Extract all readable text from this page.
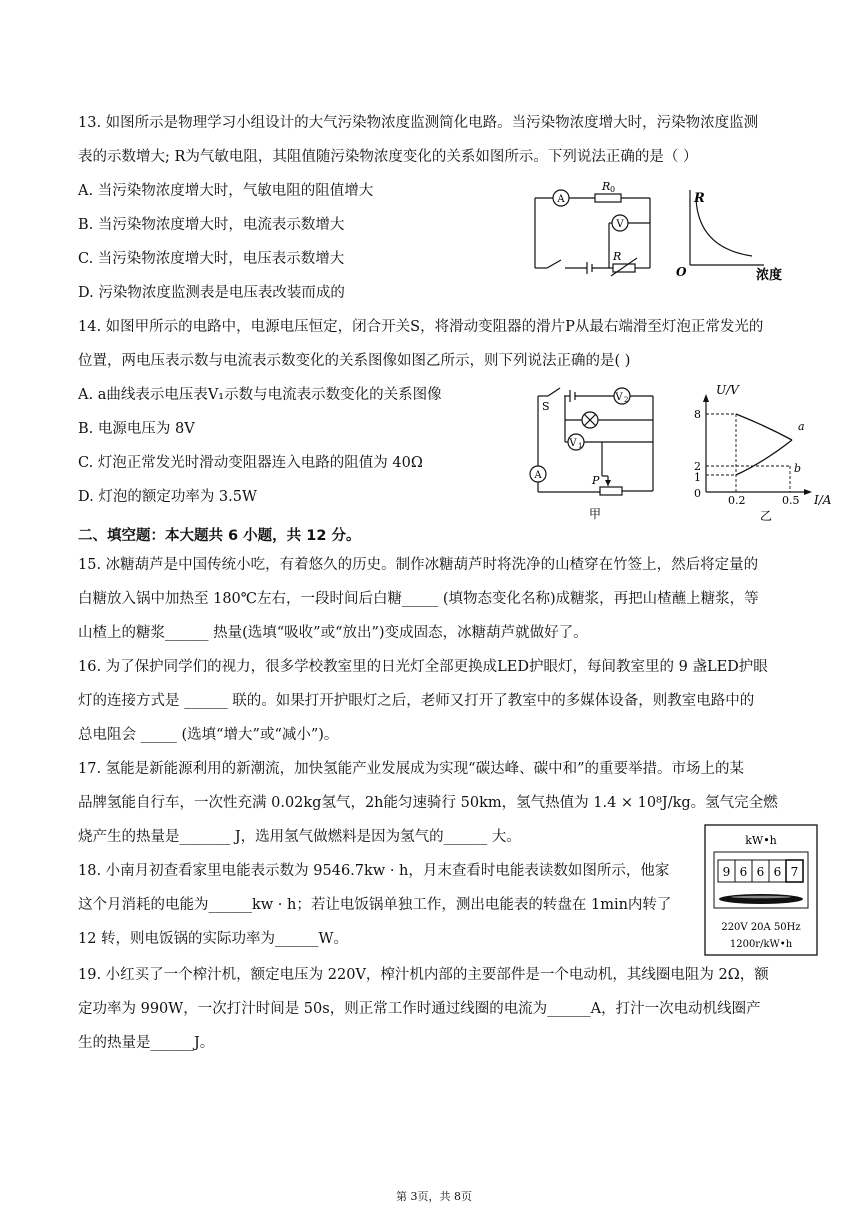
13. 如图所示是物理学习小组设计的大气污染物浓度监测简化电路。当污染物浓度增大时，污染物浓度监测
表的示数增大; R为气敏电阻，其阻值随污染物浓度变化的关系如图所示。下列说法正确的是（ ）
A. 当污染物浓度增大时，气敏电阻的阻值增大
B. 当污染物浓度增大时，电流表示数增大
C. 当污染物浓度增大时，电压表示数增大
D. 污染物浓度监测表是电压表改装而成的
A
V
R 0
R
R
O	浓度
14. 如图甲所示的电路中，电源电压恒定，闭合开关S，将滑动变阻器的滑片P从最右端滑至灯泡正常发光的
位置，两电压表示数与电流表示数变化的关系图像如图乙所示，则下列说法正确的是( )
A. a曲线表示电压表V₁示数与电流表示数变化的关系图像
B. 电源电压为 8V
C. 灯泡正常发光时滑动变阻器连入电路的阻值为 40Ω
D. 灯泡的额定功率为 3.5W
S
V 2
V 1
A	P
甲
U/V
I/A
8
2
1
0
0.2	0.5
a
b
乙
二、填空题：本大题共 6 小题，共 12 分。
15. 冰糖葫芦是中国传统小吃，有着悠久的历史。制作冰糖葫芦时将洗净的山楂穿在竹签上，然后将定量的
白糖放入锅中加热至 180℃左右，一段时间后白糖_____ (填物态变化名称)成糖浆，再把山楂蘸上糖浆，等
山楂上的糖浆______ 热量(选填“吸收”或“放出”)变成固态，冰糖葫芦就做好了。
16. 为了保护同学们的视力，很多学校教室里的日光灯全部更换成LED护眼灯，每间教室里的 9 盏LED护眼
灯的连接方式是 ______ 联的。如果打开护眼灯之后，老师又打开了教室中的多媒体设备，则教室电路中的
总电阻会 _____ (选填“增大”或“减小”)。
17. 氢能是新能源利用的新潮流，加快氢能产业发展成为实现“碳达峰、碳中和”的重要举措。市场上的某
品牌氢能自行车，一次性充满 0.02kg氢气，2h能匀速骑行 50km，氢气热值为 1.4 × 10⁸J/kg。氢气完全燃
烧产生的热量是_______ J，选用氢气做燃料是因为氢气的______ 大。
18. 小南月初查看家里电能表示数为 9546.7kw · h，月末查看时电能表读数如图所示，他家
这个月消耗的电能为______kw · h；若让电饭锅单独工作，测出电能表的转盘在 1min内转了
12 转，则电饭锅的实际功率为______W。
kW•h
9 6 6 6 7
220V 20A 50Hz
1200r/kW•h
19. 小红买了一个榨汁机，额定电压为 220V，榨汁机内部的主要部件是一个电动机，其线圈电阻为 2Ω，额
定功率为 990W，一次打汁时间是 50s，则正常工作时通过线圈的电流为______A，打汁一次电动机线圈产
生的热量是______J。
第 3页，共 8页
